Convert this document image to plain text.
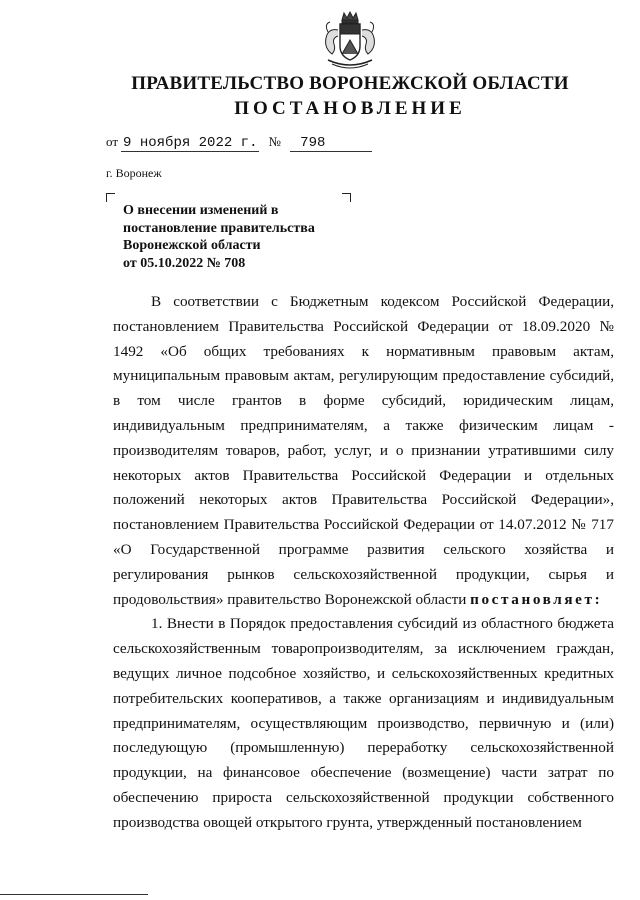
ПРАВИТЕЛЬСТВО ВОРОНЕЖСКОЙ ОБЛАСТИ
ПОСТАНОВЛЕНИЕ
от 9 ноября 2022 г. № 798
г. Воронеж
О внесении изменений в
постановление правительства
Воронежской области
от 05.10.2022 № 708

В соответствии с Бюджетным кодексом Российской Федерации, постановлением Правительства Российской Федерации от 18.09.2020 № 1492 «Об общих требованиях к нормативным правовым актам, муниципальным правовым актам, регулирующим предоставление субсидий, в том числе грантов в форме субсидий, юридическим лицам, индивидуальным предпринимателям, а также физическим лицам - производителям товаров, работ, услуг, и о признании утратившими силу некоторых актов Правительства Российской Федерации и отдельных положений некоторых актов Правительства Российской Федерации», постановлением Правительства Российской Федерации от 14.07.2012 № 717 «О Государственной программе развития сельского хозяйства и регулирования рынков сельскохозяйственной продукции, сырья и продовольствия» правительство Воронежской области постановляет:

1. Внести в Порядок предоставления субсидий из областного бюджета сельскохозяйственным товаропроизводителям, за исключением граждан, ведущих личное подсобное хозяйство, и сельскохозяйственных кредитных потребительских кооперативов, а также организациям и индивидуальным предпринимателям, осуществляющим производство, первичную и (или) последующую (промышленную) переработку сельскохозяйственной продукции, на финансовое обеспечение (возмещение) части затрат по обеспечению прироста сельскохозяйственной продукции собственного производства овощей открытого грунта, утвержденный постановлением
